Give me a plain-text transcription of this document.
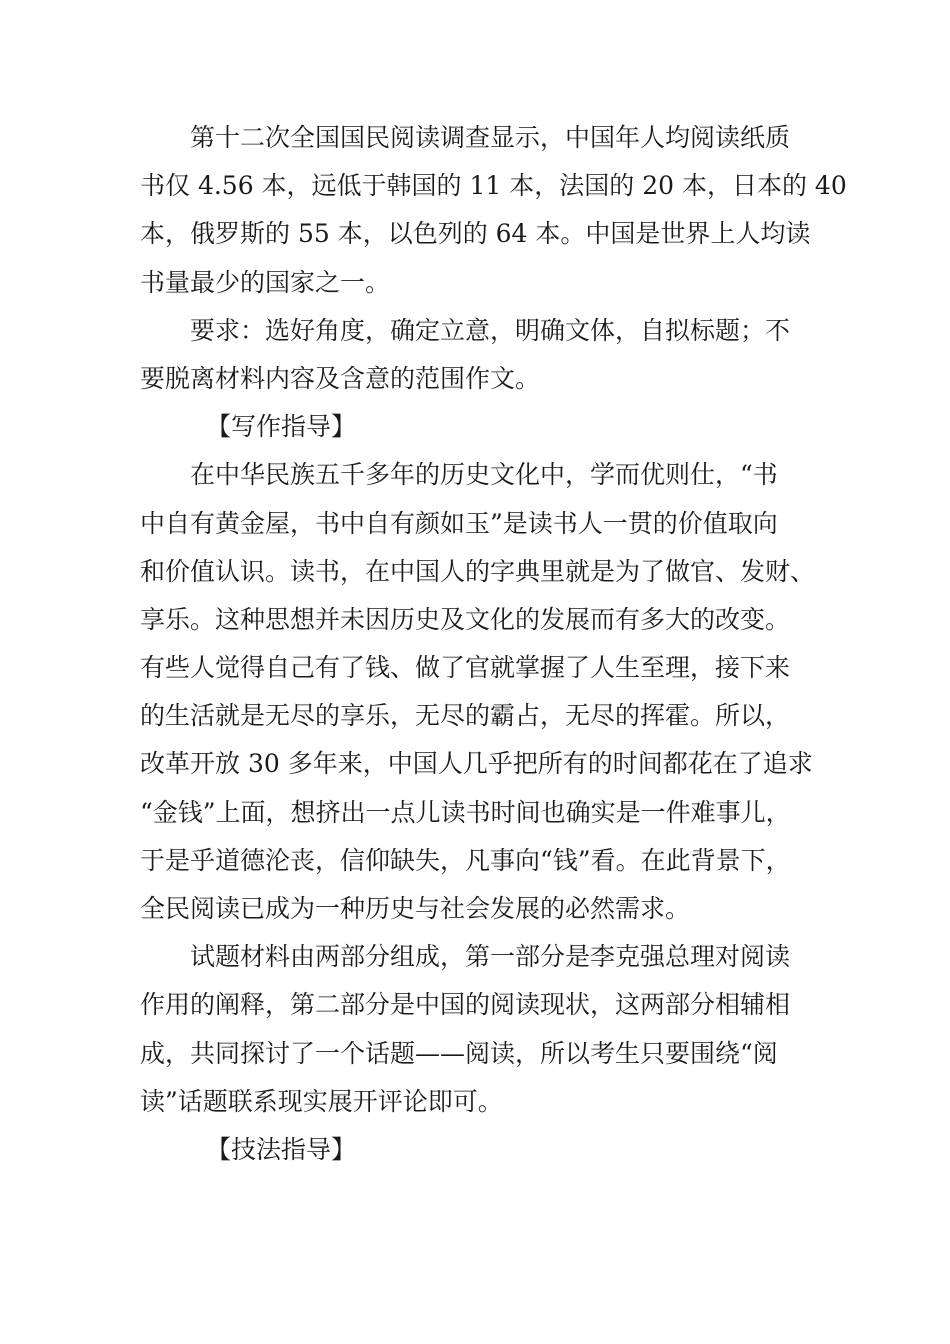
第十二次全国国民阅读调查显示，中国年人均阅读纸质
书仅 4.56 本，远低于韩国的 11 本，法国的 20 本，日本的 40
本，俄罗斯的 55 本，以色列的 64 本。中国是世界上人均读
书量最少的国家之一。
要求：选好角度，确定立意，明确文体，自拟标题；不
要脱离材料内容及含意的范围作文。
【写作指导】
在中华民族五千多年的历史文化中，学而优则仕，“书
中自有黄金屋，书中自有颜如玉”是读书人一贯的价值取向
和价值认识。读书，在中国人的字典里就是为了做官、发财、
享乐。这种思想并未因历史及文化的发展而有多大的改变。
有些人觉得自己有了钱、做了官就掌握了人生至理，接下来
的生活就是无尽的享乐，无尽的霸占，无尽的挥霍。所以，
改革开放 30 多年来，中国人几乎把所有的时间都花在了追求
“金钱”上面，想挤出一点儿读书时间也确实是一件难事儿，
于是乎道德沦丧，信仰缺失，凡事向“钱”看。在此背景下，
全民阅读已成为一种历史与社会发展的必然需求。
试题材料由两部分组成，第一部分是李克强总理对阅读
作用的阐释，第二部分是中国的阅读现状，这两部分相辅相
成，共同探讨了一个话题——阅读，所以考生只要围绕“阅
读”话题联系现实展开评论即可。
【技法指导】
